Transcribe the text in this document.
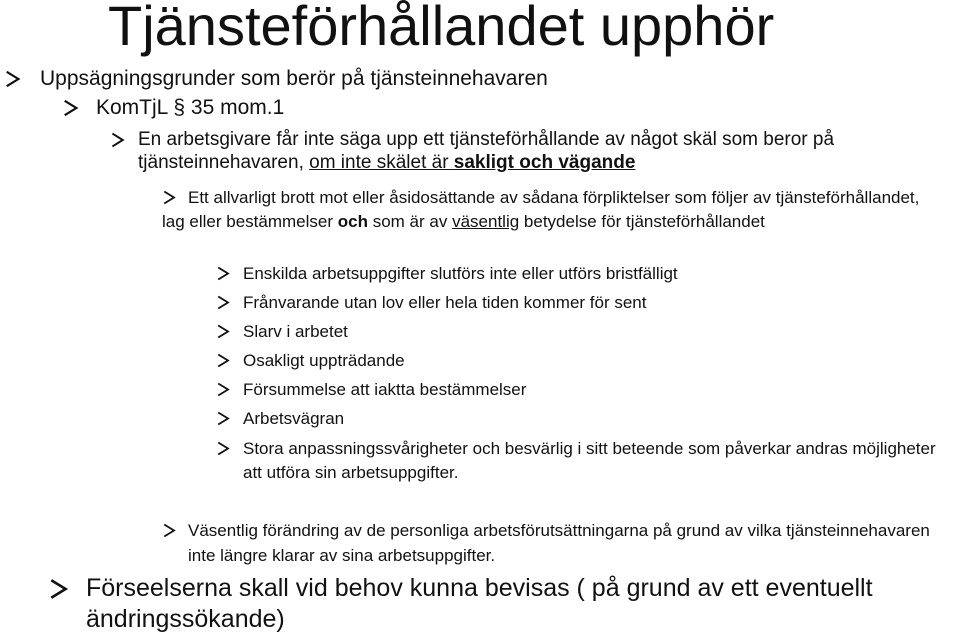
Tjänsteförhållandet upphör
Uppsägningsgrunder som berör på tjänsteinnehavaren
KomTjL § 35 mom.1
En arbetsgivare får inte säga upp ett tjänsteförhållande av något skäl som beror på tjänsteinnehavaren, om inte skälet är sakligt och vägande
Ett allvarligt brott mot eller åsidosättande av sådana förpliktelser som följer av tjänsteförhållandet, lag eller bestämmelser och som är av väsentlig betydelse för tjänsteförhållandet
Enskilda arbetsuppgifter slutförs inte eller utförs bristfälligt
Frånvarande utan lov eller hela tiden kommer för sent
Slarv i arbetet
Osakligt uppträdande
Försummelse att iaktta bestämmelser
Arbetsvägran
Stora anpassningssvårigheter och besvärlig i sitt beteende som påverkar andras möjligheter att utföra sin arbetsuppgifter.
Väsentlig förändring av de personliga arbetsförutsättningarna på grund av vilka tjänsteinnehavaren inte längre klarar av sina arbetsuppgifter.
Förseelserna skall vid behov kunna bevisas ( på grund av ett eventuellt ändringssökande)
